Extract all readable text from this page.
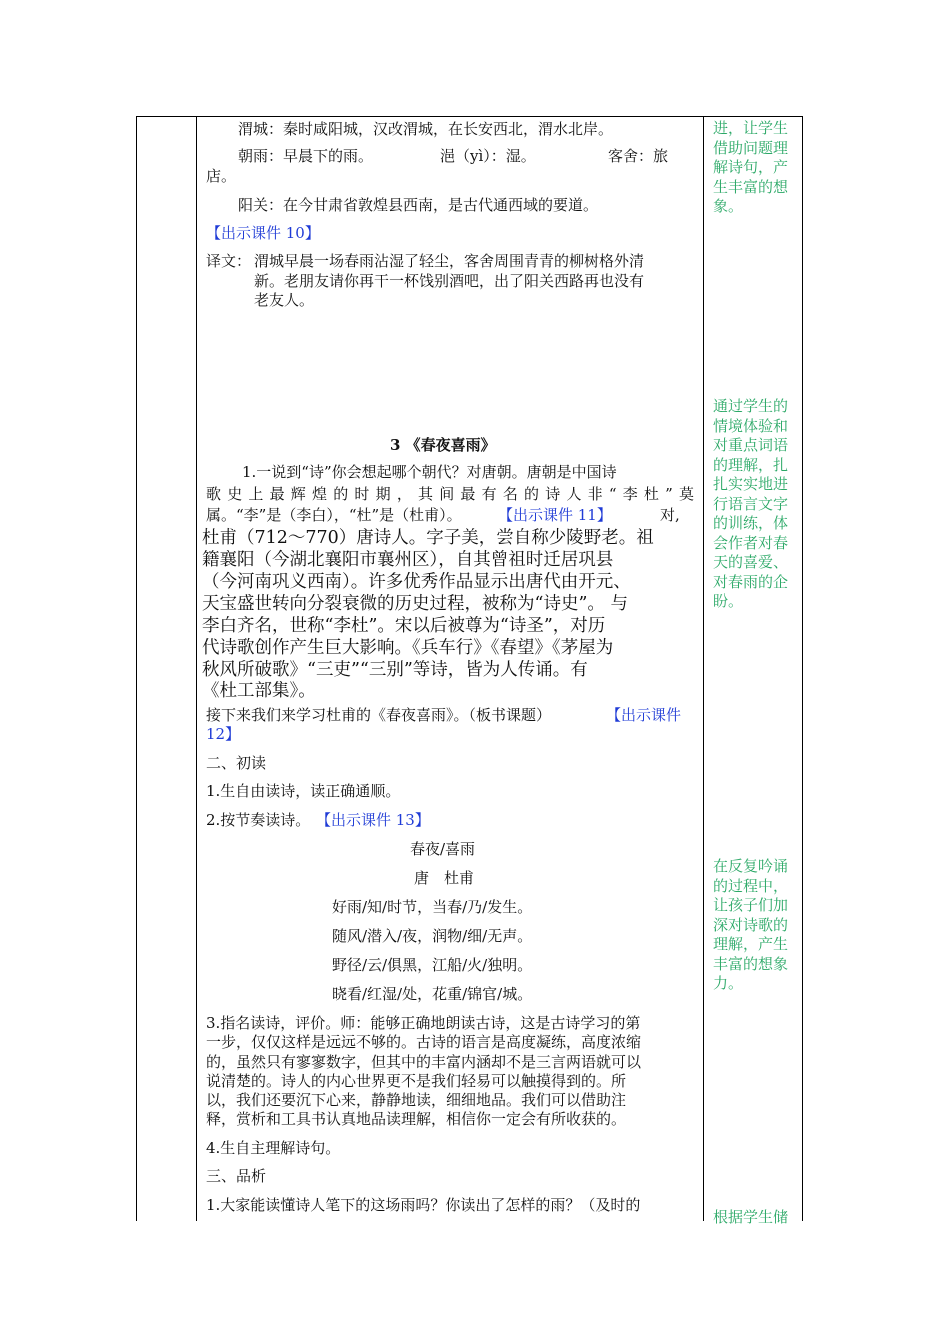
渭城：秦时咸阳城，汉改渭城，在长安西北，渭水北岸。
朝雨：早晨下的雨。	浥（yì）：湿。	客舍：旅
店。
阳关：在今甘肃省敦煌县西南，是古代通西域的要道。
【出示课件 10】
译文： 渭城早晨一场春雨沾湿了轻尘，客舍周围青青的柳树格外清
新。老朋友请你再干一杯饯别酒吧，出了阳关西路再也没有
老友人。
3 《春夜喜雨》
1.一说到“诗”你会想起哪个朝代？对唐朝。唐朝是中国诗
歌史上最辉煌的时期，其间最有名的诗人非“李杜”莫
属。“李”是（李白），“杜”是（杜甫）。 【出示课件 11】	对,
杜甫（712～770）唐诗人。字子美，尝自称少陵野老。祖
籍襄阳（今湖北襄阳市襄州区），自其曾祖时迁居巩县
（今河南巩义西南）。许多优秀作品显示出唐代由开元、
天宝盛世转向分裂衰微的历史过程，被称为“诗史”。 与
李白齐名，世称“李杜”。宋以后被尊为“诗圣”，对历
代诗歌创作产生巨大影响。《兵车行》《春望》《茅屋为
秋风所破歌》“三吏”“三别”等诗，皆为人传诵。有
《杜工部集》。
接下来我们来学习杜甫的《春夜喜雨》。（板书课题）	【出示课件
12】
二、初读
1.生自由读诗，读正确通顺。
2.按节奏读诗。 【出示课件 13】
春夜/喜雨
唐　杜甫
好雨/知/时节，当春/乃/发生。
随风/潜入/夜，润物/细/无声。
野径/云/俱黑，江船/火/独明。
晓看/红湿/处，花重/锦官/城。
3.指名读诗，评价。师：能够正确地朗读古诗，这是古诗学习的第
一步，仅仅这样是远远不够的。古诗的语言是高度凝练，高度浓缩
的，虽然只有寥寥数字，但其中的丰富内涵却不是三言两语就可以
说清楚的。诗人的内心世界更不是我们轻易可以触摸得到的。所
以，我们还要沉下心来，静静地读，细细地品。我们可以借助注
释，赏析和工具书认真地品读理解，相信你一定会有所收获的。
4.生自主理解诗句。
三、品析
1.大家能读懂诗人笔下的这场雨吗？你读出了怎样的雨？（及时的
进，让学生借助问题理解诗句，产生丰富的想象。
通过学生的情境体验和对重点词语的理解，扎扎实实地进行语言文字的训练，体会作者对春天的喜爱、对春雨的企盼。
在反复吟诵的过程中，让孩子们加深对诗歌的理解，产生丰富的想象力。
根据学生储
